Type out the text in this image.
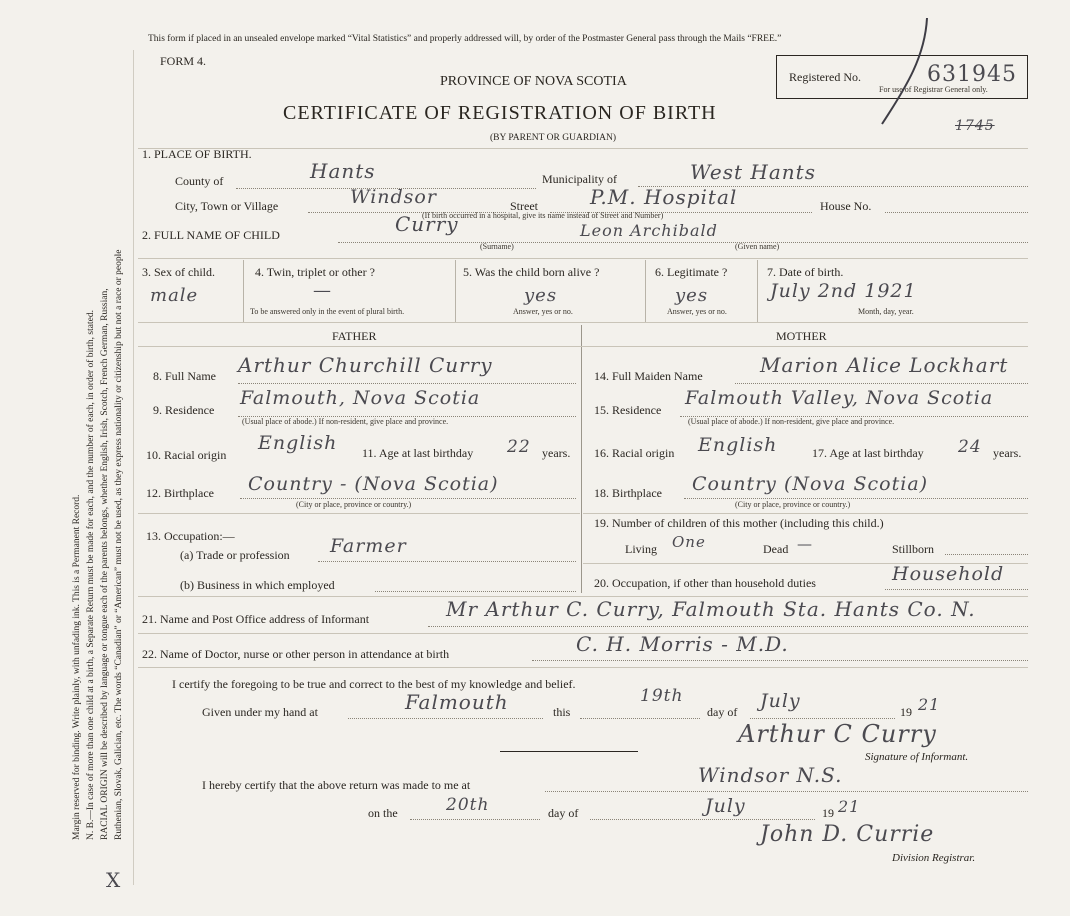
Margin reserved for binding. Write plainly, with unfading ink. This is a Permanent Record. N. B.—In case of more than one child at a birth, a Separate Return must be made for each, and the number of each, in order of birth, stated. RACIAL ORIGIN will be described by language or tongue each of the parents belongs, whether English, Irish, Scotch, French German, Russian, Ruthenian, Slovak, Galician, etc. The words “Canadian” or “American” must not be used, as they express nationality or citizenship but not a race or people
X
This form if placed in an unsealed envelope marked “Vital Statistics” and properly addressed will, by order of the Postmaster General pass through the Mails “FREE.”
FORM 4.
PROVINCE OF NOVA SCOTIA
CERTIFICATE OF REGISTRATION OF BIRTH
(BY PARENT OR GUARDIAN)
1745
Registered No.	631945
For use of Registrar General only.
1. PLACE OF BIRTH.
County of	Hants	Municipality of	West Hants
City, Town or Village	Windsor	Street	P.M. Hospital	House No.
(If birth occurred in a hospital, give its name instead of Street and Number)
2. FULL NAME OF CHILD	Curry	Leon Archibald
(Surname)	(Given name)
3. Sex of child.
male
4. Twin, triplet or other ?
—
To be answered only in the event of plural birth.
5. Was the child born alive ?
yes
Answer, yes or no.
6. Legitimate ?
yes
Answer, yes or no.
7. Date of birth.
July 2nd 1921
Month, day, year.
FATHER	MOTHER
8. Full Name Arthur Churchill Curry
9. Residence
Falmouth, Nova Scotia
(Usual place of abode.) If non-resident, give place and province.
10. Racial origin
English 11. Age at last birthday 22 years.
12. Birthplace Country - (Nova Scotia)
(City or place, province or country.)
13. Occupation:—
(a) Trade or profession Farmer
(b) Business in which employed
14. Full Maiden Name	Marion Alice Lockhart
15. Residence
Falmouth Valley, Nova Scotia
(Usual place of abode.) If non-resident, give place and province.
16. Racial origin English	17. Age at last birthday 24 years.
18. Birthplace Country (Nova Scotia)
(City or place, province or country.)
19. Number of children of this mother (including this child.)
Living One	Dead —	Stillborn
20. Occupation, if other than household duties	Household
21. Name and Post Office address of Informant	Mr Arthur C. Curry, Falmouth Sta. Hants Co. N.
22. Name of Doctor, nurse or other person in attendance at birth	C. H. Morris - M.D.
I certify the foregoing to be true and correct to the best of my knowledge and belief.
Given under my hand at	Falmouth	this
19th
day of July	19 21
Arthur C Curry
Signature of Informant.
I hereby certify that the above return was made to me at	Windsor N.S.
on the	20th	day of	July	19 21
John D. Currie
Division Registrar.
